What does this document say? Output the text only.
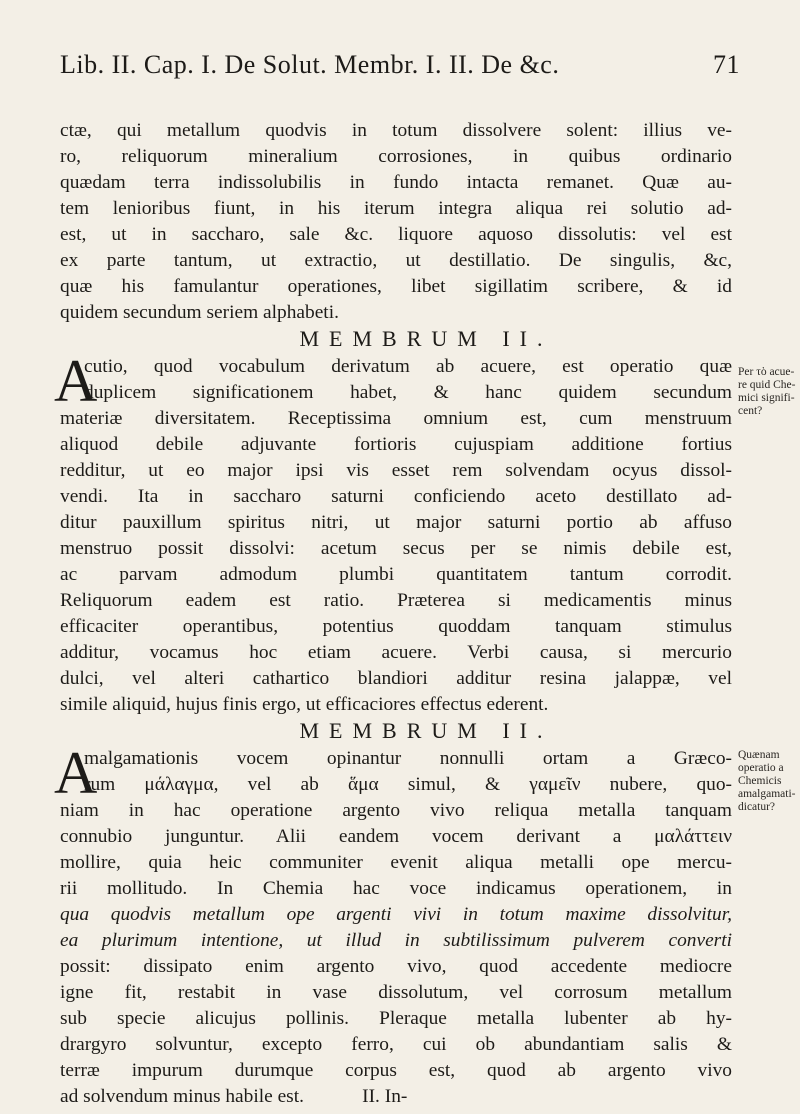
Lib. II. Cap. I. De Solut. Membr. I. II. De &c.	71
ctæ, qui metallum quodvis in totum dissolvere solent: illius ve-
ro, reliquorum mineralium corrosiones, in quibus ordinario
quædam terra indissolubilis in fundo intacta remanet. Quæ au-
tem lenioribus fiunt, in his iterum integra aliqua rei solutio ad-
est, ut in saccharo, sale &c. liquore aquoso dissolutis: vel est
ex parte tantum, ut extractio, ut destillatio. De singulis, &c,
quæ his famulantur operationes, libet sigillatim scribere, & id
quidem secundum seriem alphabeti.
MEMBRUM II.
A
cutio, quod vocabulum derivatum ab acuere, est operatio quæ
duplicem significationem habet, & hanc quidem secundum
materiæ diversitatem. Receptissima omnium est, cum menstruum
aliquod debile adjuvante fortioris cujuspiam additione fortius
redditur, ut eo major ipsi vis esset rem solvendam ocyus dissol-
vendi. Ita in saccharo saturni conficiendo aceto destillato ad-
ditur pauxillum spiritus nitri, ut major saturni portio ab affuso
menstruo possit dissolvi: acetum secus per se nimis debile est,
ac parvam admodum plumbi quantitatem tantum corrodit.
Reliquorum eadem est ratio. Præterea si medicamentis minus
efficaciter operantibus, potentius quoddam tanquam stimulus
additur, vocamus hoc etiam acuere. Verbi causa, si mercurio
dulci, vel alteri cathartico blandiori additur resina jalappæ, vel
simile aliquid, hujus finis ergo, ut efficaciores effectus ederent.
MEMBRUM II.
A
malgamationis vocem opinantur nonnulli ortam a Græco-
rum μάλαγμα, vel ab ἅμα simul, & γαμεῖν nubere, quo-
niam in hac operatione argento vivo reliqua metalla tanquam
connubio junguntur. Alii eandem vocem derivant a μαλάττειν
mollire, quia heic communiter evenit aliqua metalli ope mercu-
rii mollitudo. In Chemia hac voce indicamus operationem, in
qua quodvis metallum ope argenti vivi in totum maxime dissolvitur,
ea plurimum intentione, ut illud in subtilissimum pulverem converti
possit: dissipato enim argento vivo, quod accedente mediocre
igne fit, restabit in vase dissolutum, vel corrosum metallum
sub specie alicujus pollinis. Pleraque metalla lubenter ab hy-
drargyro solvuntur, excepto ferro, cui ob abundantiam salis &
terræ impurum durumque corpus est, quod ab argento vivo
ad solvendum minus habile est.            II. In-
Per τὸ acue-
re quid Che-
mici signifi-
cent?
Quænam
operatio a
Chemicis
amalgamati-
dicatur?
